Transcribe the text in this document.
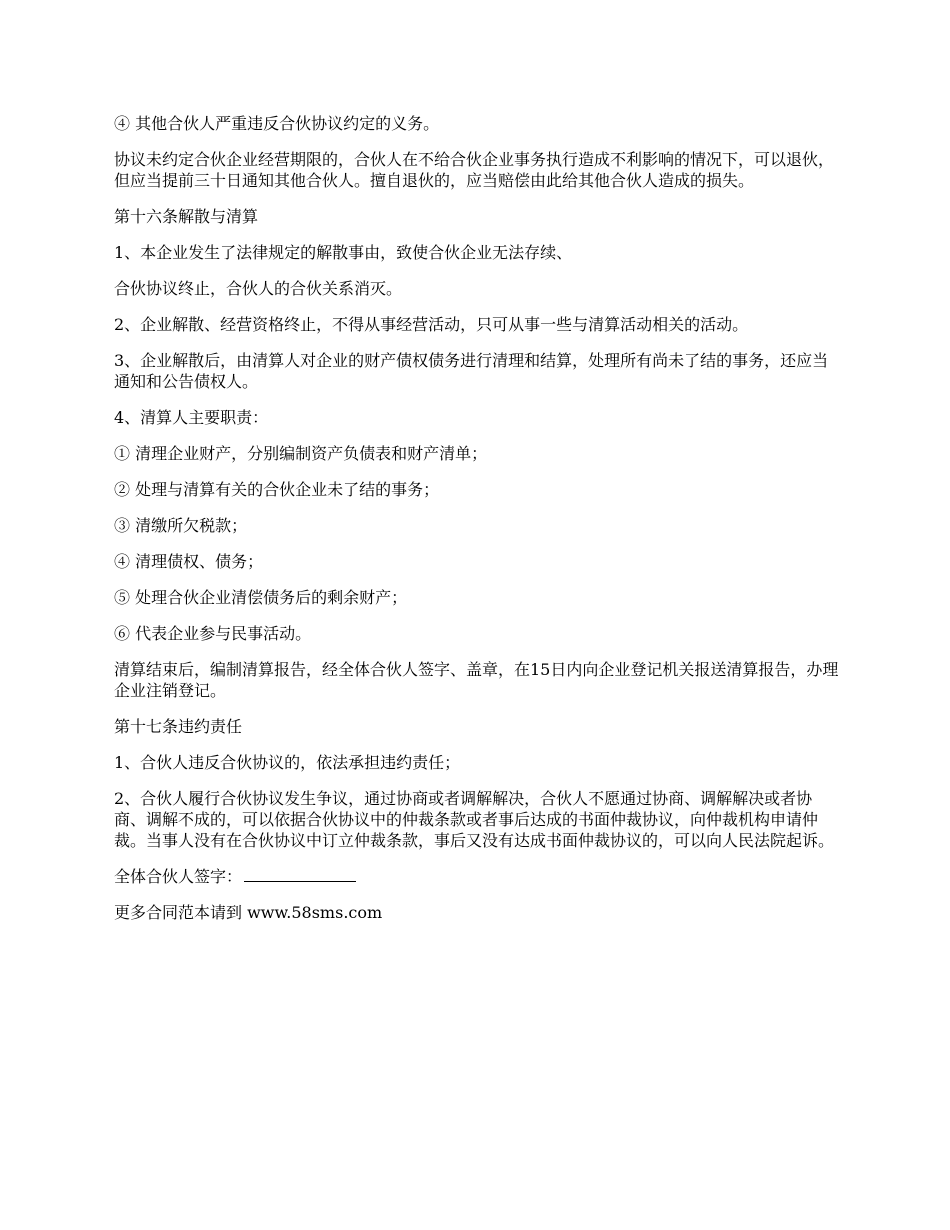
④ 其他合伙人严重违反合伙协议约定的义务。

协议未约定合伙企业经营期限的，合伙人在不给合伙企业事务执行造成不利影响的情况下，可以退伙，但应当提前三十日通知其他合伙人。擅自退伙的，应当赔偿由此给其他合伙人造成的损失。

第十六条解散与清算

1、本企业发生了法律规定的解散事由，致使合伙企业无法存续、

合伙协议终止，合伙人的合伙关系消灭。

2、企业解散、经营资格终止，不得从事经营活动，只可从事一些与清算活动相关的活动。

3、企业解散后，由清算人对企业的财产债权债务进行清理和结算，处理所有尚未了结的事务，还应当通知和公告债权人。

4、清算人主要职责：

① 清理企业财产，分别编制资产负债表和财产清单；

② 处理与清算有关的合伙企业未了结的事务；

③ 清缴所欠税款；

④ 清理债权、债务；

⑤ 处理合伙企业清偿债务后的剩余财产；

⑥ 代表企业参与民事活动。

清算结束后，编制清算报告，经全体合伙人签字、盖章，在15日内向企业登记机关报送清算报告，办理企业注销登记。

第十七条违约责任

1、合伙人违反合伙协议的，依法承担违约责任；

2、合伙人履行合伙协议发生争议，通过协商或者调解解决，合伙人不愿通过协商、调解解决或者协商、调解不成的，可以依据合伙协议中的仲裁条款或者事后达成的书面仲裁协议，向仲裁机构申请仲裁。当事人没有在合伙协议中订立仲裁条款，事后又没有达成书面仲裁协议的，可以向人民法院起诉。

全体合伙人签字：

更多合同范本请到 www.58sms.com
